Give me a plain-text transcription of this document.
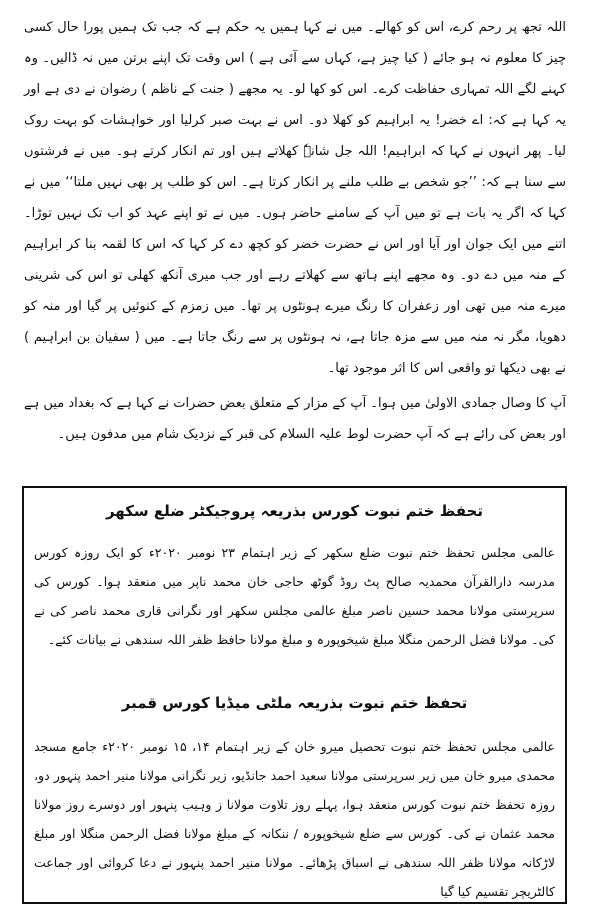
اللہ تجھ پر رحم کرے، اس کو کھالے۔ میں نے کہا ہمیں یہ حکم ہے کہ جب تک ہمیں پورا حال کسی چیز کا معلوم نہ ہو جائے ( کیا چیز ہے، کہاں سے آئی ہے ) اس وقت تک اپنے برتن میں نہ ڈالیں۔ وہ کہنے لگے اللہ تمہاری حفاظت کرے۔ اس کو کھا لو۔ یہ مجھے ( جنت کے ناظم ) رضوان نے دی ہے اور یہ کہا ہے کہ: اے خضر! یہ ابراہیم کو کھلا دو۔ اس نے بہت صبر کرلیا اور خواہشات کو بہت روک لیا۔ پھر انہوں نے کہا کہ ابراہیم! اللہ جل شانہٗ کھلاتے ہیں اور تم انکار کرتے ہو۔ میں نے فرشتوں سے سنا ہے کہ: ’’جو شخص بے طلب ملنے پر انکار کرتا ہے۔ اس کو طلب پر بھی نہیں ملتا‘‘ میں نے کہا کہ اگر یہ بات ہے تو میں آپ کے سامنے حاضر ہوں۔ میں نے تو اپنے عہد کو اب تک نہیں توڑا۔ اتنے میں ایک جوان اور آیا اور اس نے حضرت خضر کو کچھ دے کر کہا کہ اس کا لقمہ بنا کر ابراہیم کے منہ میں دے دو۔ وہ مجھے اپنے ہاتھ سے کھلاتے رہے اور جب میری آنکھ کھلی تو اس کی شرینی میرے منہ میں تھی اور زعفران کا رنگ میرے ہونٹوں پر تھا۔ میں زمزم کے کنوئیں پر گیا اور منہ کو دھویا، مگر نہ منہ میں سے مزہ جاتا ہے، نہ ہونٹوں پر سے رنگ جاتا ہے۔ میں ( سفیان بن ابراہیم ) نے بھی دیکھا تو واقعی اس کا اثر موجود تھا۔

آپ کا وصال جمادی الاولیٰ میں ہوا۔ آپ کے مزار کے متعلق بعض حضرات نے کہا ہے کہ بغداد میں ہے اور بعض کی رائے ہے کہ آپ حضرت لوط علیہ السلام کی قبر کے نزدیک شام میں مدفون ہیں۔

تحفظ ختم نبوت کورس بذریعہ پروجیکٹر ضلع سکھر

عالمی مجلس تحفظ ختم نبوت ضلع سکھر کے زیر اہتمام ۲۳ نومبر ۲۰۲۰ء کو ایک روزہ کورس مدرسہ دارالقرآن محمدیہ صالح پٹ روڈ گوٹھ حاجی خان محمد ناپر میں منعقد ہوا۔ کورس کی سرپرستی مولانا محمد حسین ناصر مبلغ عالمی مجلس سکھر اور نگرانی قاری محمد ناصر کی نے کی۔ مولانا فضل الرحمن منگلا مبلغ شیخوپورہ و مبلغ مولانا حافظ ظفر اللہ سندھی نے بیانات کئے۔

تحفظ ختم نبوت بذریعہ ملٹی میڈیا کورس قمبر

عالمی مجلس تحفظ ختم نبوت تحصیل میرو خان کے زیر اہتمام ۱۴، ۱۵ نومبر ۲۰۲۰ء جامع مسجد محمدی میرو خان میں زیر سرپرستی مولانا سعید احمد جانڈیو، زیر نگرانی مولانا منیر احمد پنہور دو، روزہ تحفظ ختم نبوت کورس منعقد ہوا، پہلے روز تلاوت مولانا ز وہیب پنہور اور دوسرے روز مولانا محمد عثمان نے کی۔ کورس سے ضلع شیخوپورہ / ننکانہ کے مبلغ مولانا فضل الرحمن منگلا اور مبلغ لاڑکانہ مولانا ظفر اللہ سندھی نے اسباق پڑھائے۔ مولانا منیر احمد پنہور نے دعا کروائی اور جماعت کالٹریچر تقسیم کیا گیا
